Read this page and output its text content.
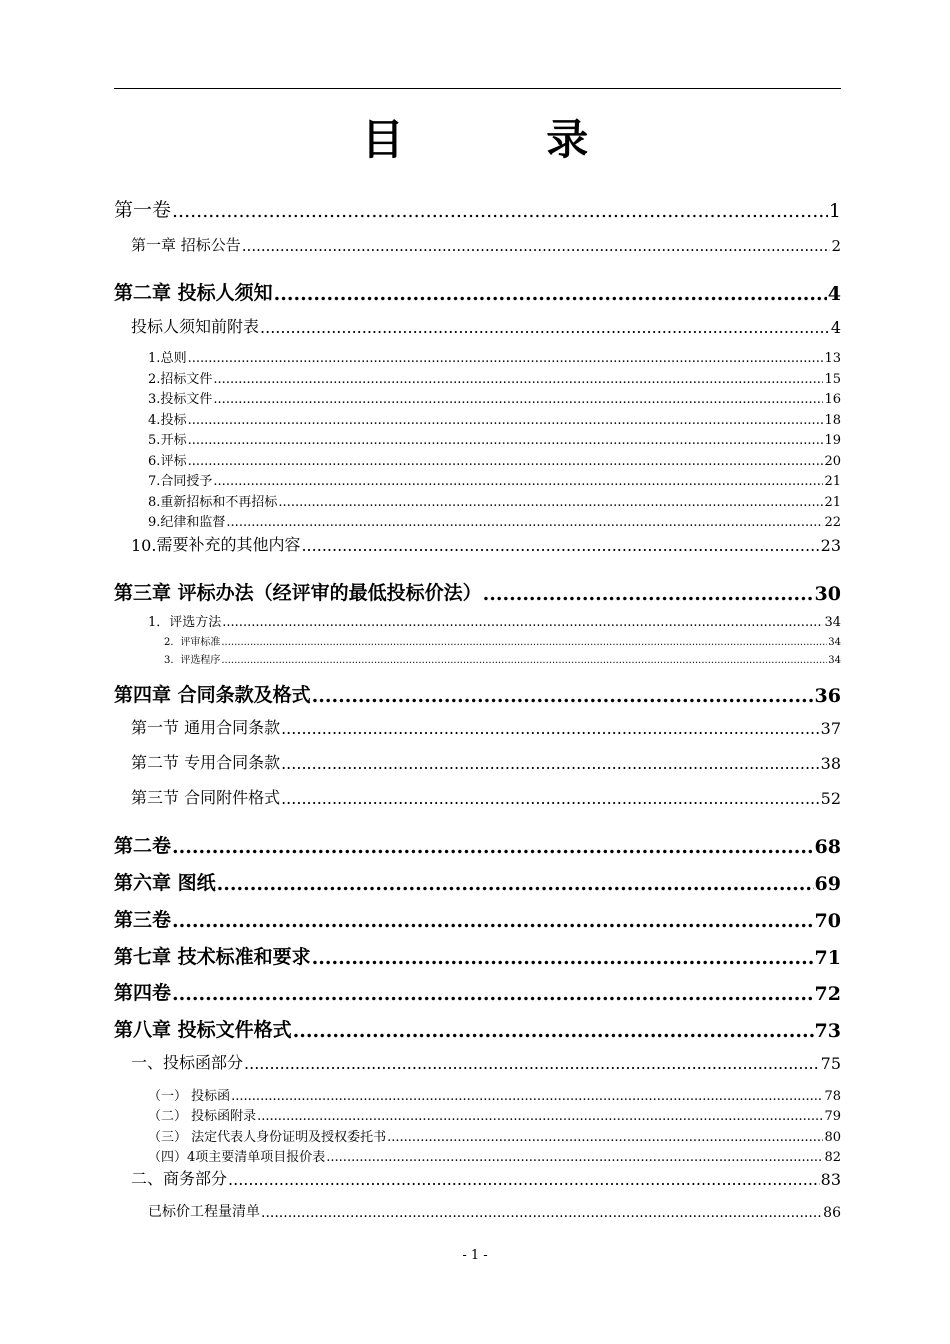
目 录
第一卷 .....	1
第一章 招标公告 .....	2
第二章 投标人须知 .....	4
投标人须知前附表 .....	4
1. 总则 .....	13
2. 招标文件 .....	15
3. 投标文件 .....	16
4. 投标 .....	18
5. 开标 .....	19
6. 评标 .....	20
7. 合同授予 .....	21
8. 重新招标和不再招标 .....	21
9. 纪律和监督 .....	22
10. 需要补充的其他内容 .....	23
第三章 评标办法（经评审的最低投标价法） .....	30
1．评选方法 .....	34
2．评审标准 .....	34
3．评选程序 .....	34
第四章 合同条款及格式 .....	36
第一节 通用合同条款 .....	37
第二节 专用合同条款 .....	38
第三节 合同附件格式 .....	52
第二卷 .....	68
第六章 图纸 .....	69
第三卷 .....	70
第七章 技术标准和要求 .....	71
第四卷 .....	72
第八章 投标文件格式 .....	73
一、投标函部分 .....	75
（一） 投标函 .....	78
（二） 投标函附录 .....	79
（三） 法定代表人身份证明及授权委托书 .....	80
（四）4项主要清单项目报价表 .....	82
二、商务部分 .....	83
已标价工程量清单 .....	86
- 1 -
